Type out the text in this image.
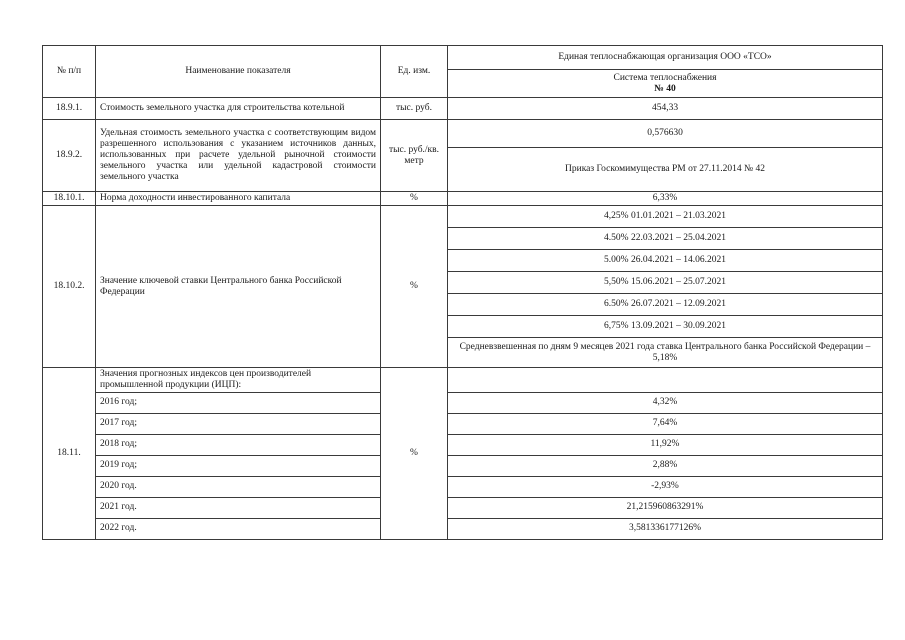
№ п/п	Наименование показателя	Ед. изм.	Единая теплоснабжающая организация ООО «ТСО»

			Система теплоснабжения
№ 40

18.9.1.	Стоимость земельного участка для строительства котельной	тыс. руб.	454,33
18.9.2.	Удельная стоимость земельного участка с соответствующим видом разрешенного использования с указанием источников данных, использованных при расчете удельной рыночной стоимости земельного участка или удельной кадастровой стоимости земельного участка	тыс. руб./кв. метр	0,576630
			Приказ Госкомимущества РМ от 27.11.2014 № 42
18.10.1.	Норма доходности инвестированного капитала	%	6,33%
18.10.2.	Значение ключевой ставки Центрального банка Российской Федерации	%	4,25% 01.01.2021 – 21.03.2021
			4.50% 22.03.2021 – 25.04.2021
			5.00% 26.04.2021 – 14.06.2021
			5,50% 15.06.2021 – 25.07.2021
			6.50% 26.07.2021 – 12.09.2021
			6,75% 13.09.2021 – 30.09.2021
			Средневзвешенная по дням 9 месяцев 2021 года ставка Центрального банка Российской Федерации – 5,18%
18.11.	Значения прогнозных индексов цен производителей промышленной продукции (ИЦП):	%	
	2016 год;		4,32%
	2017 год;		7,64%
	2018 год;		11,92%
	2019 год;		2,88%
	2020 год.		-2,93%
	2021 год.		21,215960863291%
	2022 год.		3,581336177126%
